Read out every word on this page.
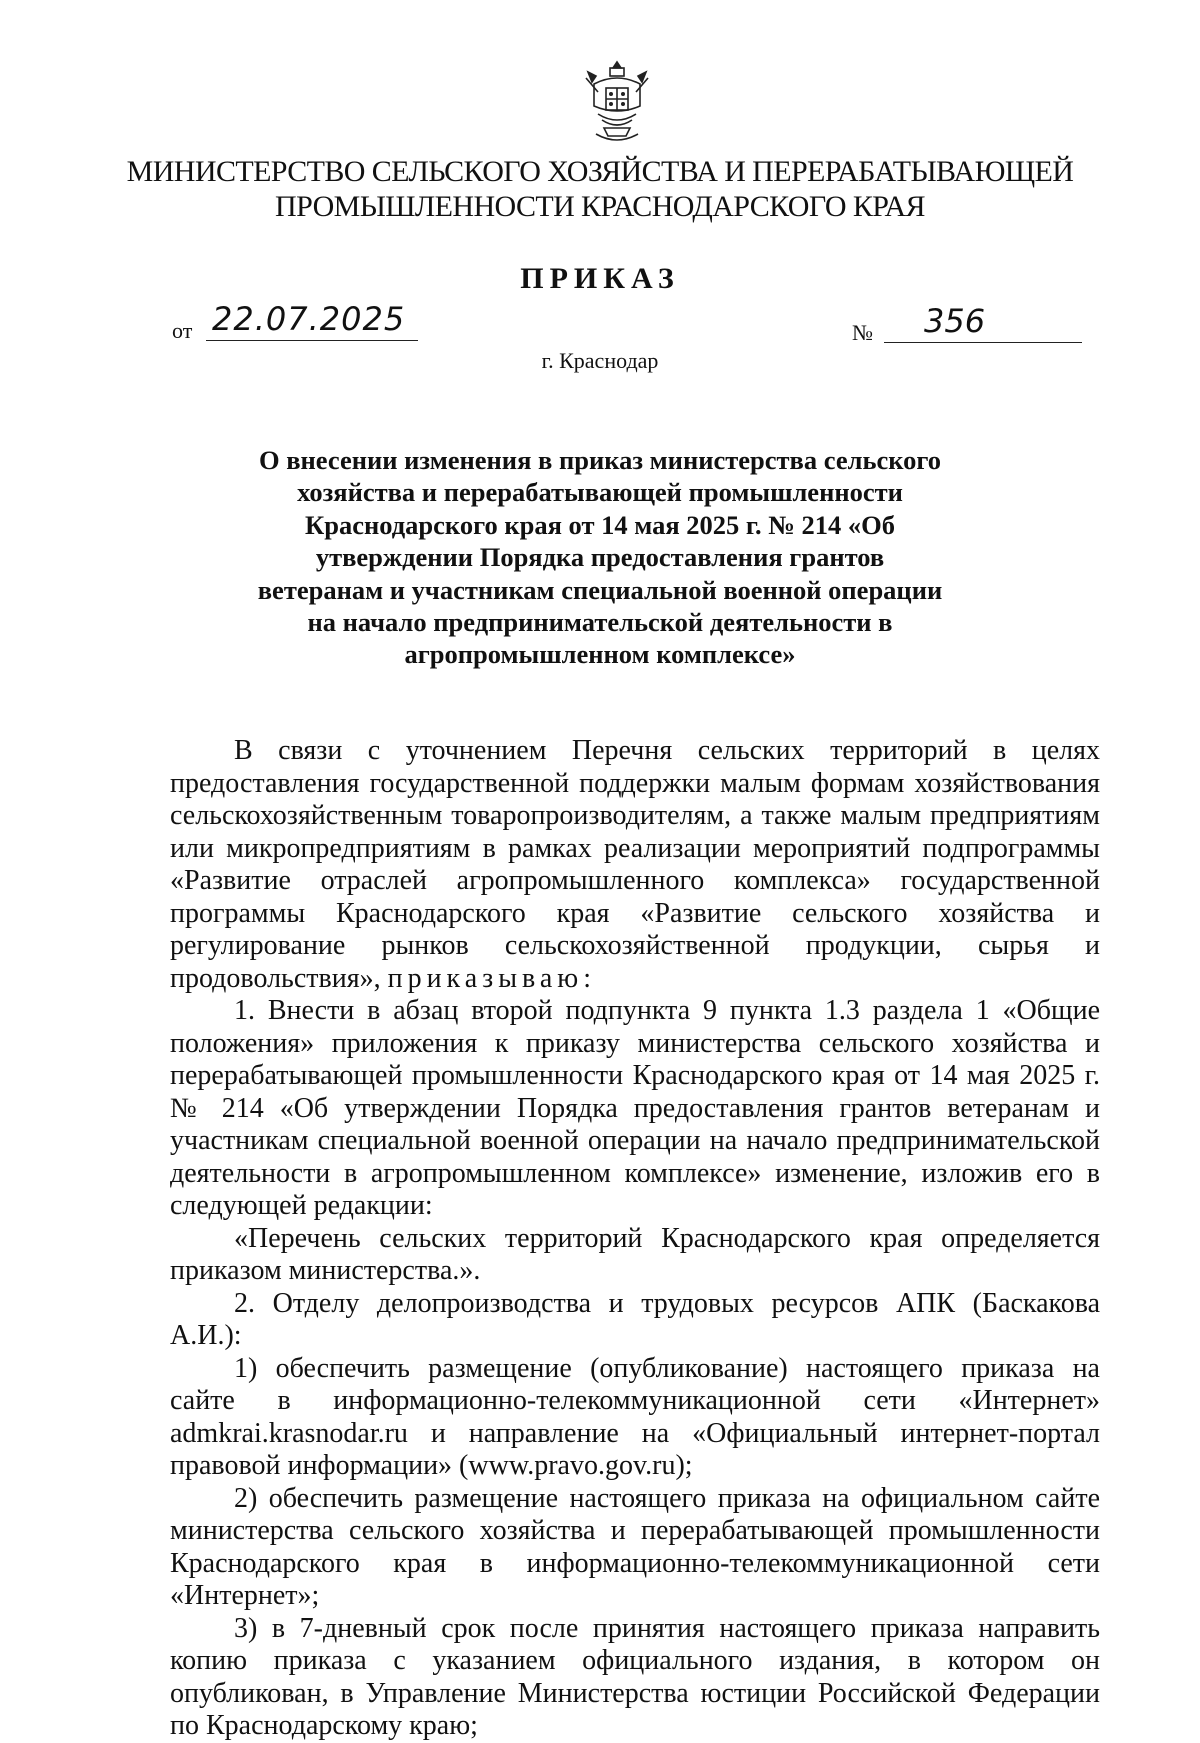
МИНИСТЕРСТВО СЕЛЬСКОГО ХОЗЯЙСТВА И ПЕРЕРАБАТЫВАЮЩЕЙ
ПРОМЫШЛЕННОСТИ КРАСНОДАРСКОГО КРАЯ
ПРИКАЗ
от 22.07.2025	№	356
г. Краснодар
О внесении изменения в приказ министерства сельского
хозяйства и перерабатывающей промышленности
Краснодарского края от 14 мая 2025 г. № 214 «Об
утверждении Порядка предоставления грантов
ветеранам и участникам специальной военной операции
на начало предпринимательской деятельности в
агропромышленном комплексе»

В связи с уточнением Перечня сельских территорий в целях предоставления государственной поддержки малым формам хозяйствования сельскохозяйственным товаропроизводителям, а также малым предприятиям или микропредприятиям в рамках реализации мероприятий подпрограммы «Развитие отраслей агропромышленного комплекса» государственной программы Краснодарского края «Развитие сельского хозяйства и регулирование рынков сельскохозяйственной продукции, сырья и продовольствия», приказываю:

1. Внести в абзац второй подпункта 9 пункта 1.3 раздела 1 «Общие положения» приложения к приказу министерства сельского хозяйства и перерабатывающей промышленности Краснодарского края от 14 мая 2025 г. № 214 «Об утверждении Порядка предоставления грантов ветеранам и участникам специальной военной операции на начало предпринимательской деятельности в агропромышленном комплексе» изменение, изложив его в следующей редакции:

«Перечень сельских территорий Краснодарского края определяется приказом министерства.».

2. Отделу делопроизводства и трудовых ресурсов АПК (Баскакова А.И.):

1) обеспечить размещение (опубликование) настоящего приказа на сайте в информационно-телекоммуникационной сети «Интернет» admkrai.krasnodar.ru и направление на «Официальный интернет-портал правовой информации» (www.pravo.gov.ru);

2) обеспечить размещение настоящего приказа на официальном сайте министерства сельского хозяйства и перерабатывающей промышленности Краснодарского края в информационно-телекоммуникационной сети «Интернет»;

3) в 7-дневный срок после принятия настоящего приказа направить копию приказа с указанием официального издания, в котором он опубликован, в Управление Министерства юстиции Российской Федерации по Краснодарскому краю;
